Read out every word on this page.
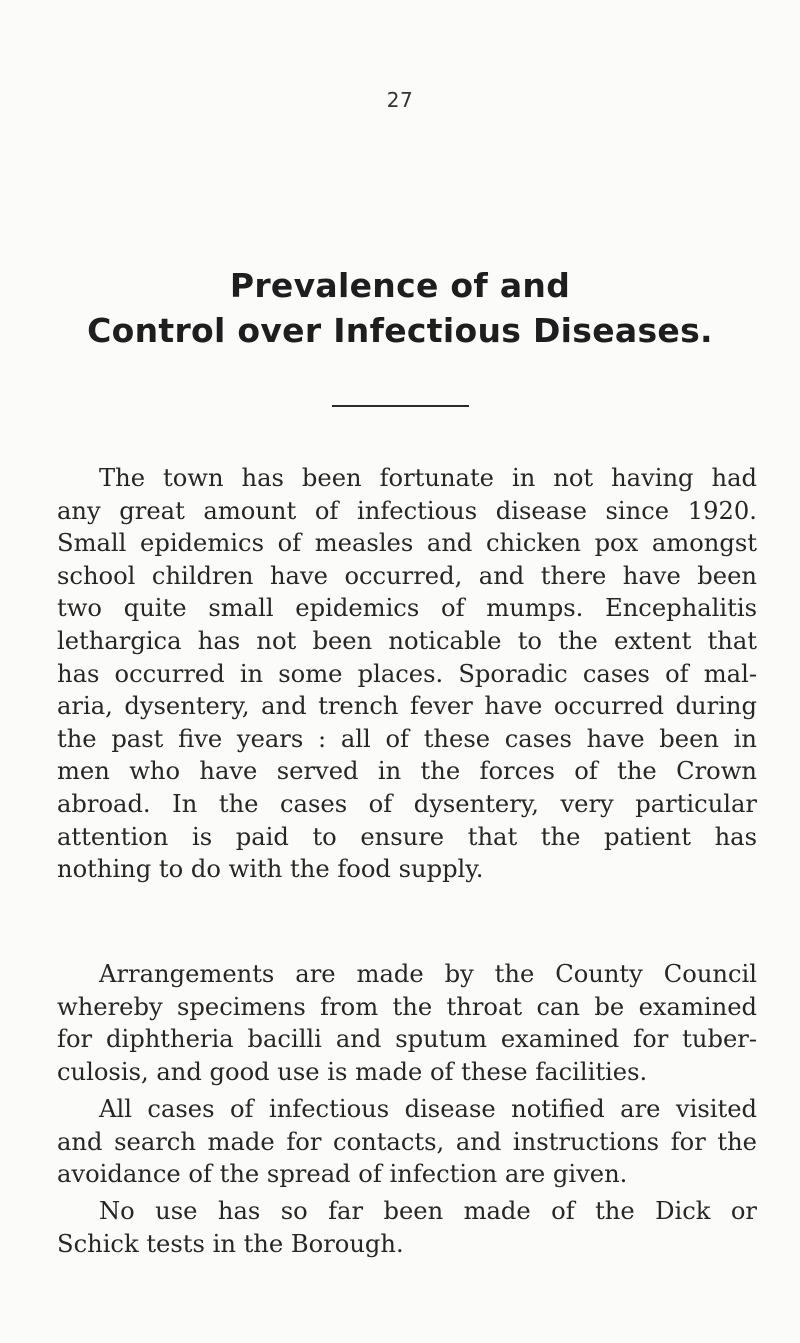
27
Prevalence of and
Control over Infectious Diseases.
The town has been fortunate in not having had
any great amount of infectious disease since 1920.
Small epidemics of measles and chicken pox amongst
school children have occurred, and there have been
two quite small epidemics of mumps. Encephalitis
lethargica has not been noticable to the extent that
has occurred in some places. Sporadic cases of mal-
aria, dysentery, and trench fever have occurred during
the past five years : all of these cases have been in
men who have served in the forces of the Crown
abroad. In the cases of dysentery, very particular
attention is paid to ensure that the patient has
nothing to do with the food supply.
Arrangements are made by the County Council
whereby specimens from the throat can be examined
for diphtheria bacilli and sputum examined for tuber-
culosis, and good use is made of these facilities.
All cases of infectious disease notified are visited
and search made for contacts, and instructions for the
avoidance of the spread of infection are given.
No use has so far been made of the Dick or
Schick tests in the Borough.
